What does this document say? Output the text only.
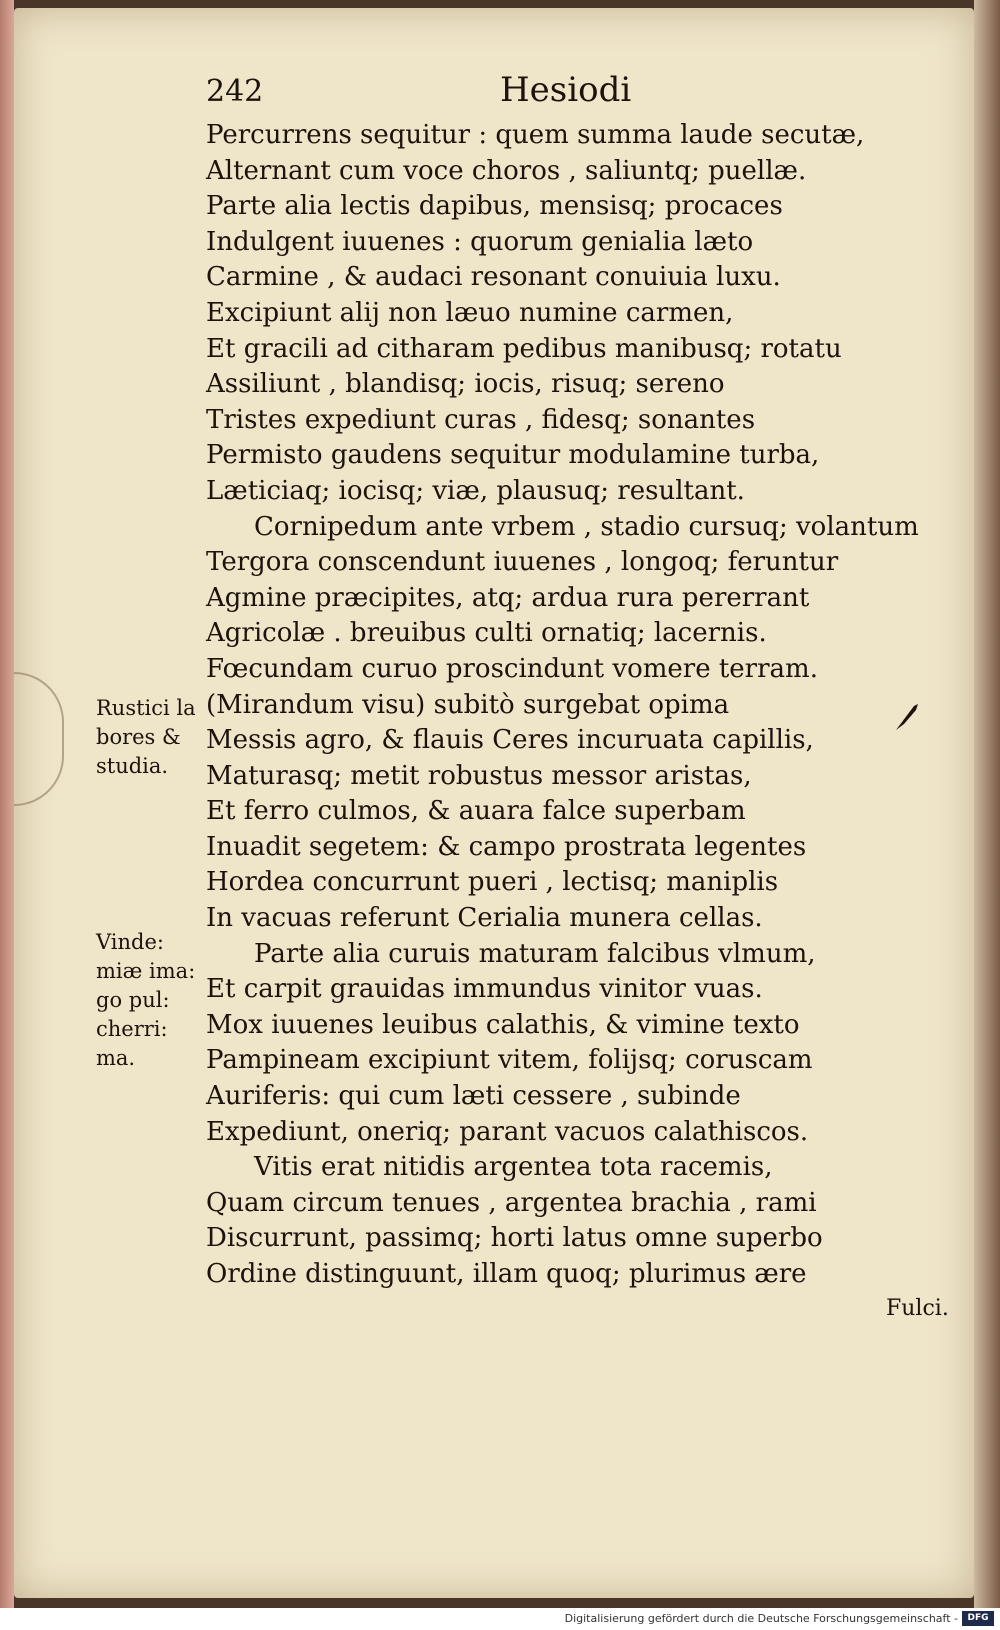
242	Hesiodi
Percurrens sequitur : quem summa laude secutæ,
Alternant cum voce choros , saliuntq; puellæ.
Parte alia lectis dapibus, mensisq; procaces
Indulgent iuuenes : quorum genialia læto
Carmine , & audaci resonant conuiuia luxu.
Excipiunt alij non læuo numine carmen,
Et gracili ad citharam pedibus manibusq; rotatu
Assiliunt , blandisq; iocis, risuq; sereno
Tristes expediunt curas , fidesq; sonantes
Permisto gaudens sequitur modulamine turba,
Læticiaq; iocisq; viæ, plausuq; resultant.
Cornipedum ante vrbem , stadio cursuq; volantum
Tergora conscendunt iuuenes , longoq; feruntur
Agmine præcipites, atq; ardua rura pererrant
Agricolæ . breuibus culti ornatiq; lacernis.
Fœcundam curuo proscindunt vomere terram.
(Mirandum visu) subitò surgebat opima
Messis agro, & flauis Ceres incuruata capillis,
Maturasq; metit robustus messor aristas,
Et ferro culmos, & auara falce superbam
Inuadit segetem: & campo prostrata legentes
Hordea concurrunt pueri , lectisq; maniplis
In vacuas referunt Cerialia munera cellas.
Parte alia curuis maturam falcibus vlmum,
Et carpit grauidas immundus vinitor vuas.
Mox iuuenes leuibus calathis, & vimine texto
Pampineam excipiunt vitem, folijsq; coruscam
Auriferis: qui cum læti cessere , subinde
Expediunt, oneriq; parant vacuos calathiscos.
Vitis erat nitidis argentea tota racemis,
Quam circum tenues , argentea brachia , rami
Discurrunt, passimq; horti latus omne superbo
Ordine distinguunt, illam quoq; plurimus ære
Rustici la
bores &
studia.
Vinde:
miæ ima:
go pul:
cherri:
ma.
Fulci.
Digitalisierung gefördert durch die Deutsche Forschungsgemeinschaft -	DFG
